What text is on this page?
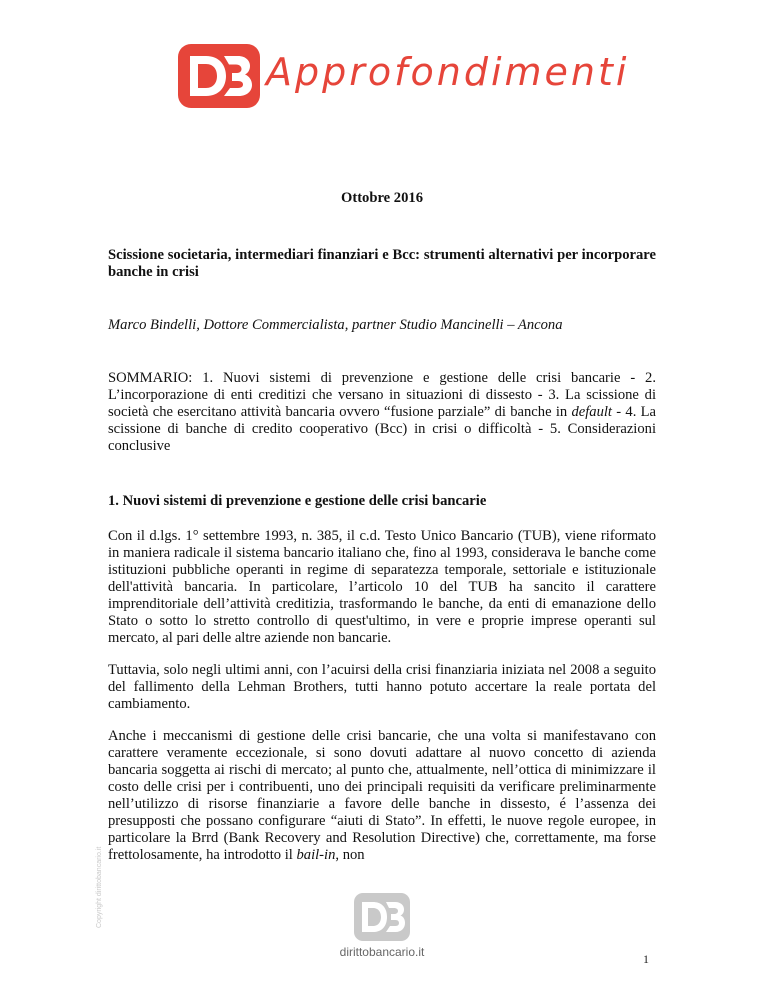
Approfondimenti

Ottobre 2016

Scissione societaria, intermediari finanziari e Bcc: strumenti alternativi per incorporare banche in crisi

Marco Bindelli, Dottore Commercialista, partner Studio Mancinelli – Ancona

SOMMARIO: 1. Nuovi sistemi di prevenzione e gestione delle crisi bancarie - 2. L’incorporazione di enti creditizi che versano in situazioni di dissesto - 3. La scissione di società che esercitano attività bancaria ovvero “fusione parziale” di banche in default - 4. La scissione di banche di credito cooperativo (Bcc) in crisi o difficoltà - 5. Considerazioni conclusive

1. Nuovi sistemi di prevenzione e gestione delle crisi bancarie

Con il d.lgs. 1° settembre 1993, n. 385, il c.d. Testo Unico Bancario (TUB), viene riformato in maniera radicale il sistema bancario italiano che, fino al 1993, considerava le banche come istituzioni pubbliche operanti in regime di separatezza temporale, settoriale e istituzionale dell'attività bancaria. In particolare, l’articolo 10 del TUB ha sancito il carattere imprenditoriale dell’attività creditizia, trasformando le banche, da enti di emanazione dello Stato o sotto lo stretto controllo di quest'ultimo, in vere e proprie imprese operanti sul mercato, al pari delle altre aziende non bancarie.

Tuttavia, solo negli ultimi anni, con l’acuirsi della crisi finanziaria iniziata nel 2008 a seguito del fallimento della Lehman Brothers, tutti hanno potuto accertare la reale portata del cambiamento.

Anche i meccanismi di gestione delle crisi bancarie, che una volta si manifestavano con carattere veramente eccezionale, si sono dovuti adattare al nuovo concetto di azienda bancaria soggetta ai rischi di mercato; al punto che, attualmente, nell’ottica di minimizzare il costo delle crisi per i contribuenti, uno dei principali requisiti da verificare preliminarmente nell’utilizzo di risorse finanziarie a favore delle banche in dissesto, é l’assenza dei presupposti che possano configurare “aiuti di Stato”. In effetti, le nuove regole europee, in particolare la Brrd (Bank Recovery and Resolution Directive) che, correttamente, ma forse frettolosamente, ha introdotto il bail-in, non

Copyright dirittobancario.it
dirittobancario.it	1
